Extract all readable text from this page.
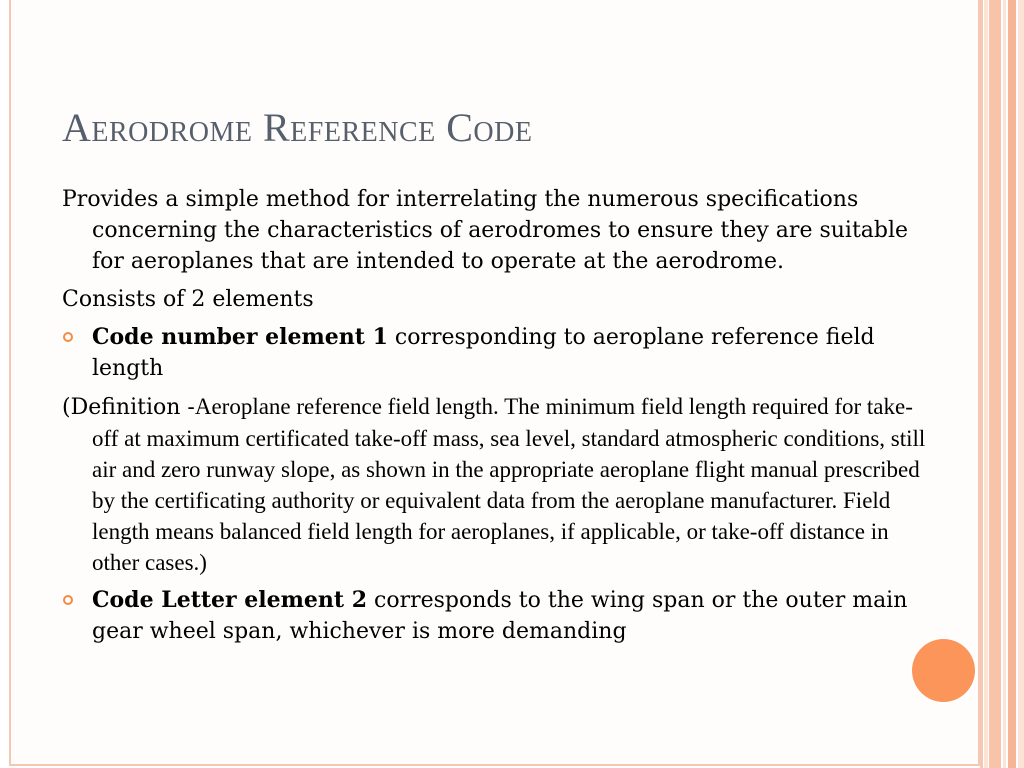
Aerodrome Reference Code

Provides a simple method for interrelating the numerous specifications concerning the characteristics of aerodromes to ensure they are suitable for aeroplanes that are intended to operate at the aerodrome.

Consists of 2 elements

Code number element 1 corresponding to aeroplane reference field length

(Definition -Aeroplane reference field length. The minimum field length required for take-off at maximum certificated take-off mass, sea level, standard atmospheric conditions, still air and zero runway slope, as shown in the appropriate aeroplane flight manual prescribed by the certificating authority or equivalent data from the aeroplane manufacturer. Field length means balanced field length for aeroplanes, if applicable, or take-off distance in other cases.)

Code Letter element 2 corresponds to the wing span or the outer main gear wheel span, whichever is more demanding
